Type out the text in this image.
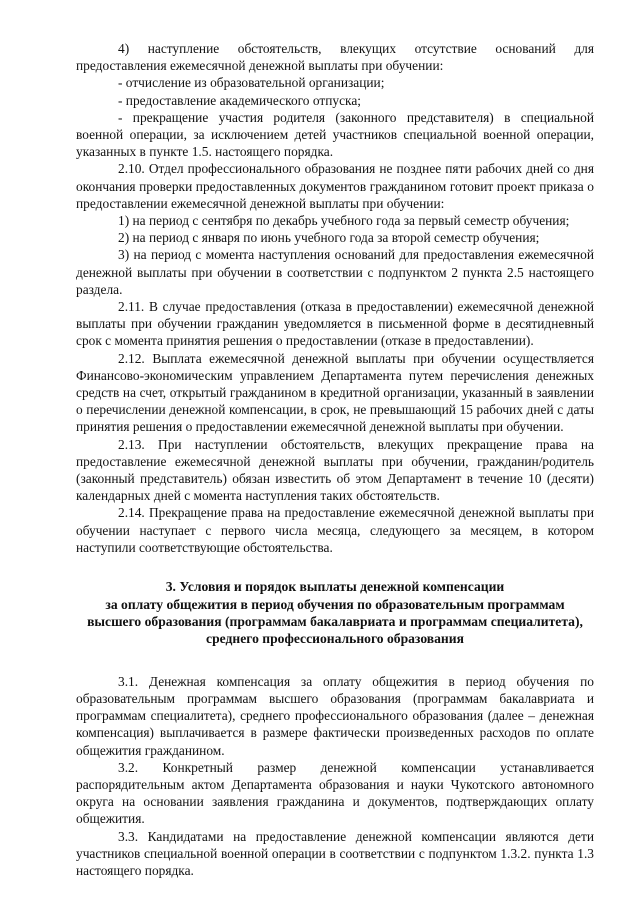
4) наступление обстоятельств, влекущих отсутствие оснований для предоставления ежемесячной денежной выплаты при обучении:

- отчисление из образовательной организации;

- предоставление академического отпуска;

- прекращение участия родителя (законного представителя) в специальной военной операции, за исключением детей участников специальной военной операции, указанных в пункте 1.5. настоящего порядка.

2.10. Отдел профессионального образования не позднее пяти рабочих дней со дня окончания проверки предоставленных документов гражданином готовит проект приказа о предоставлении ежемесячной денежной выплаты при обучении:

1) на период с сентября по декабрь учебного года за первый семестр обучения;

2) на период с января по июнь учебного года за второй семестр обучения;

3) на период с момента наступления оснований для предоставления ежемесячной денежной выплаты при обучении в соответствии с подпунктом 2 пункта 2.5 настоящего раздела.

2.11. В случае предоставления (отказа в предоставлении) ежемесячной денежной выплаты при обучении гражданин уведомляется в письменной форме в десятидневный срок с момента принятия решения о предоставлении (отказе в предоставлении).

2.12. Выплата ежемесячной денежной выплаты при обучении осуществляется Финансово-экономическим управлением Департамента путем перечисления денежных средств на счет, открытый гражданином в кредитной организации, указанный в заявлении о перечислении денежной компенсации, в срок, не превышающий 15 рабочих дней с даты принятия решения о предоставлении ежемесячной денежной выплаты при обучении.

2.13. При наступлении обстоятельств, влекущих прекращение права на предоставление ежемесячной денежной выплаты при обучении, гражданин/родитель (законный представитель) обязан известить об этом Департамент в течение 10 (десяти) календарных дней с момента наступления таких обстоятельств.

2.14. Прекращение права на предоставление ежемесячной денежной выплаты при обучении наступает с первого числа месяца, следующего за месяцем, в котором наступили соответствующие обстоятельства.

3. Условия и порядок выплаты денежной компенсации
за оплату общежития в период обучения по образовательным программам
высшего образования (программам бакалавриата и программам специалитета),
среднего профессионального образования

3.1. Денежная компенсация за оплату общежития в период обучения по образовательным программам высшего образования (программам бакалавриата и программам специалитета), среднего профессионального образования (далее – денежная компенсация) выплачивается в размере фактически произведенных расходов по оплате общежития гражданином.

3.2. Конкретный размер денежной компенсации устанавливается распорядительным актом Департамента образования и науки Чукотского автономного округа на основании заявления гражданина и документов, подтверждающих оплату общежития.

3.3. Кандидатами на предоставление денежной компенсации являются дети участников специальной военной операции в соответствии с подпунктом 1.3.2. пункта 1.3 настоящего порядка.
